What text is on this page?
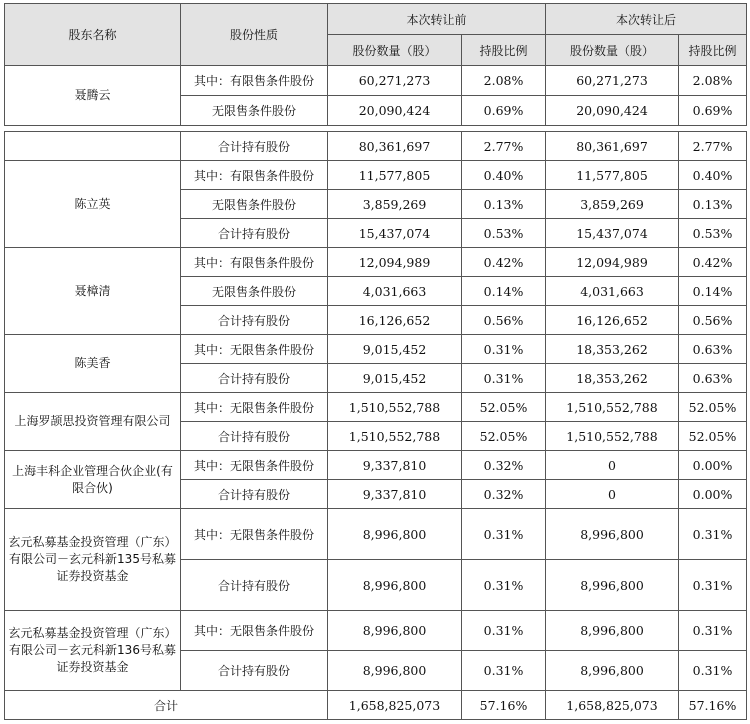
股东名称	股份性质	本次转让前		本次转让后	
		股份数量（股）	持股比例	股份数量（股）	持股比例
聂腾云	其中：有限售条件股份	60,271,273	2.08%	60,271,273	2.08%
	无限售条件股份	20,090,424	0.69%	20,090,424	0.69%
	合计持有股份	80,361,697	2.77%	80,361,697	2.77%
陈立英	其中：有限售条件股份	11,577,805	0.40%	11,577,805	0.40%
	无限售条件股份	3,859,269	0.13%	3,859,269	0.13%
	合计持有股份	15,437,074	0.53%	15,437,074	0.53%
聂樟清	其中：有限售条件股份	12,094,989	0.42%	12,094,989	0.42%
	无限售条件股份	4,031,663	0.14%	4,031,663	0.14%
	合计持有股份	16,126,652	0.56%	16,126,652	0.56%
陈美香	其中：无限售条件股份	9,015,452	0.31%	18,353,262	0.63%
	合计持有股份	9,015,452	0.31%	18,353,262	0.63%
上海罗颉思投资管理有限公司	其中：无限售条件股份	1,510,552,788	52.05%	1,510,552,788	52.05%
	合计持有股份	1,510,552,788	52.05%	1,510,552,788	52.05%
上海丰科企业管理合伙企业(有限合伙)	其中：无限售条件股份	9,337,810	0.32%	0	0.00%
	合计持有股份	9,337,810	0.32%	0	0.00%
玄元私募基金投资管理（广东）有限公司－玄元科新135号私募证券投资基金	其中：无限售条件股份	8,996,800	0.31%	8,996,800	0.31%
	合计持有股份	8,996,800	0.31%	8,996,800	0.31%
玄元私募基金投资管理（广东）有限公司－玄元科新136号私募证券投资基金	其中：无限售条件股份	8,996,800	0.31%	8,996,800	0.31%
	合计持有股份	8,996,800	0.31%	8,996,800	0.31%
合计		1,658,825,073	57.16%	1,658,825,073	57.16%
